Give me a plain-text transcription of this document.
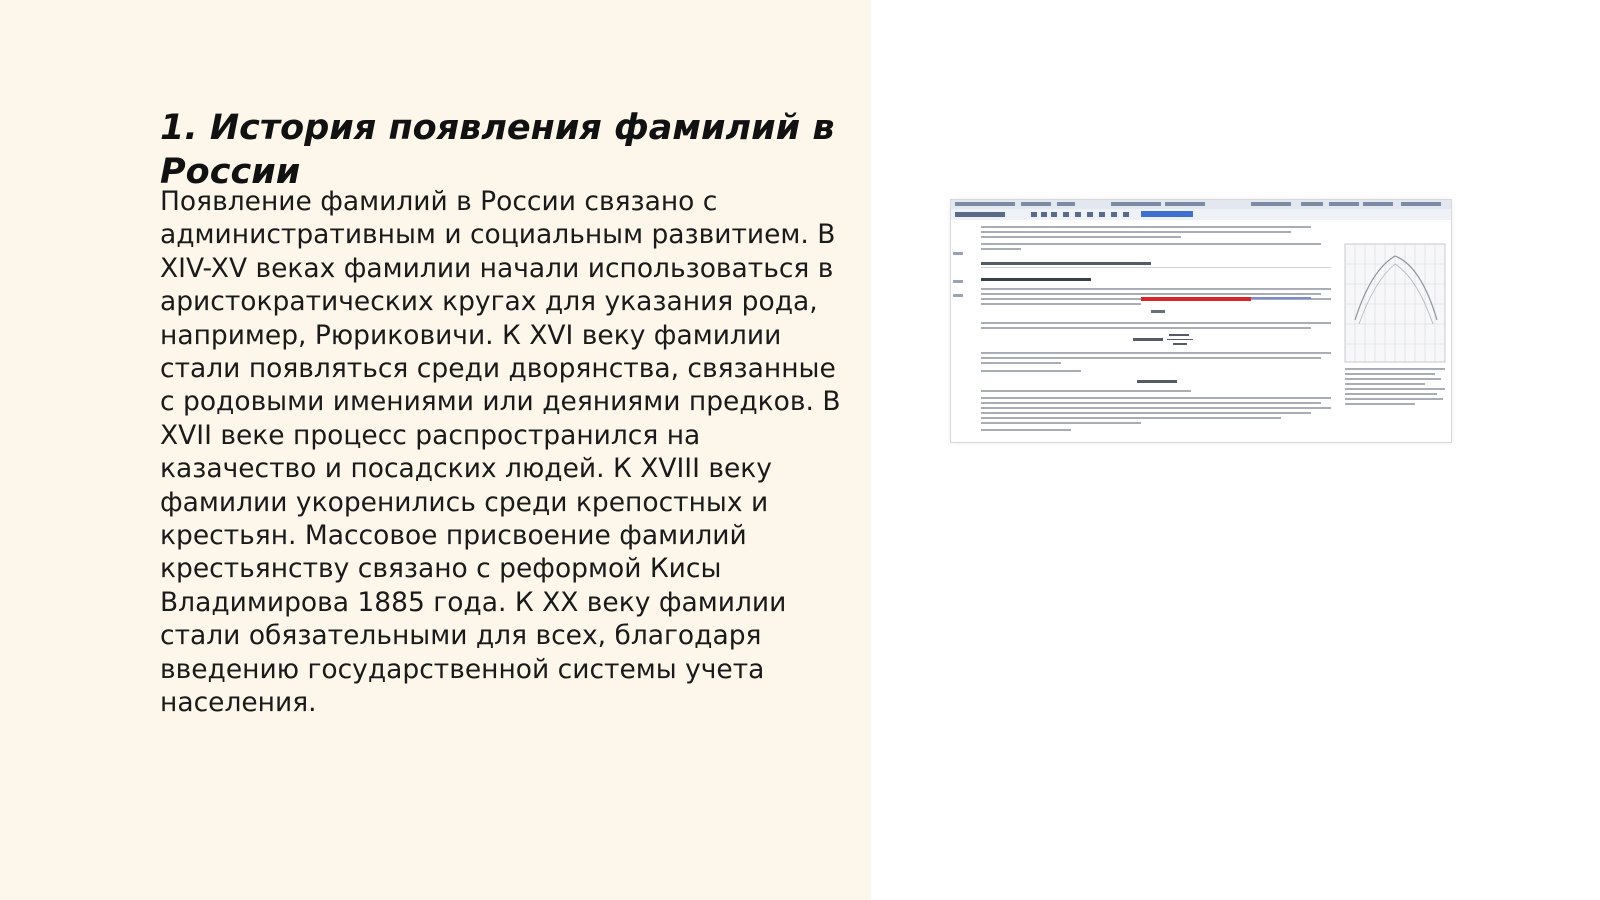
1. История появления фамилий в России

Появление фамилий в России связано с административным и социальным развитием. В XIV-XV веках фамилии начали использоваться в аристократических кругах для указания рода, например, Рюриковичи. К XVI веку фамилии стали появляться среди дворянства, связанные с родовыми имениями или деяниями предков. В XVII веке процесс распространился на казачество и посадских людей. К XVIII веку фамилии укоренились среди крепостных и крестьян. Массовое присвоение фамилий крестьянству связано с реформой Кисы Владимирова 1885 года. К XX веку фамилии стали обязательными для всех, благодаря введению государственной системы учета населения.
